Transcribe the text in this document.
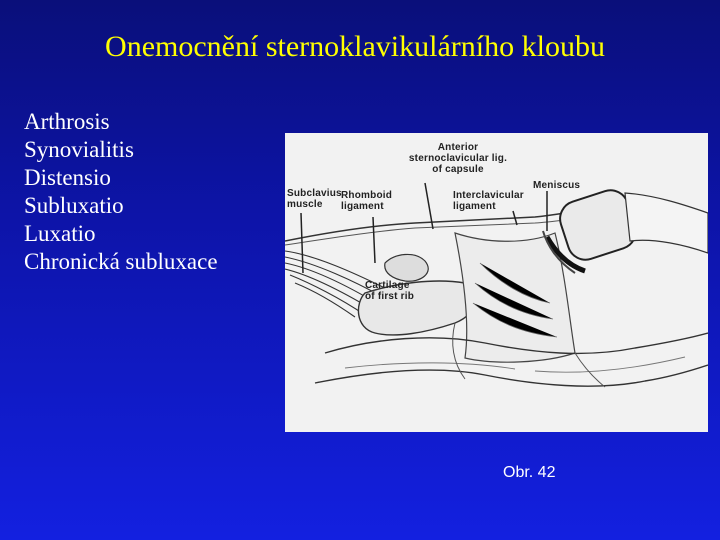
Onemocnění sternoklavikulárního kloubu
Arthrosis
Synovialitis
Distensio
Subluxatio
Luxatio
Chronická subluxace
Anterior
sternoclavicular lig.
of capsule
Subclavius
muscle
Rhomboid
ligament
Interclavicular
ligament
Meniscus
Cartilage
of first rib
Obr. 42
